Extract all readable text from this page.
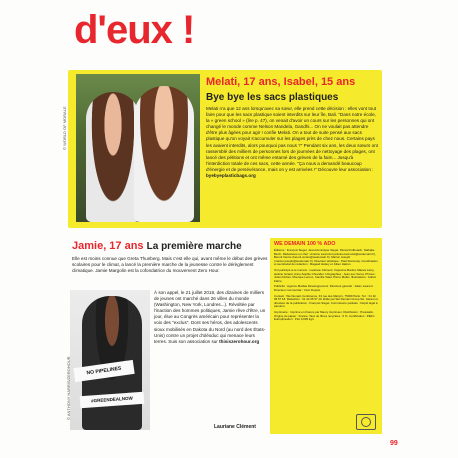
d'eux !
© WORLD OF MORALE
Melati, 17 ans, Isabel, 15 ans
Bye bye les sacs plastiques
Melati n'a que 12 ans lorsqu'avec sa sœur, elle prend cette décision : elles vont tout faire pour que les sacs plastique soient interdits sur leur île, Bali. "Dans notre école, la « green school » (lire p. 47), on venait d'avoir un cours sur les personnes qui ont changé le monde comme Nelson Mandela, Gandhi... On ne voulait pas attendre d'être plus âgées pour agir ! confie Melati. On a tout de suite pensé aux sacs plastique qu'on voyait s'accumuler sur les plages près de chez nous. Certains pays les avaient interdits, alors pourquoi pas nous ?" Pendant six ans, les deux sœurs ont rassemblé des milliers de personnes lors de journées de nettoyage des plages, ont lancé des pétitions et ont même entamé des grèves de la faim... Jusqu'à l'interdiction totale de ces sacs, cette année. "Ça nous a demandé beaucoup d'énergie et de persévérance, mais on y est arrivées !" Découvre leur association : byebyeplasticbags.org
Jamie, 17 ans La première marche
Elle est moins connue que Greta Thunberg. Mais c'est elle qui, avant même le début des grèves scolaires pour le climat, a lancé la première marche de la jeunesse contre le dérèglement climatique. Jamie Margolin est la cofondatrice du mouvement Zero Hour.
NO PIPELINES
#GREENDEALNOW
© ANTHONY HARRIS/ZEROHOUR
À son appel, le 21 juillet 2018, des dizaines de milliers de jeunes ont marché dans 26 villes du monde (Washington, New York, Londres...). Révoltée par l'inaction des hommes politiques, Jamie rêve d'être, un jour, élue au Congrès américain pour représenter la voix des "exclus". Dont ses héros, des adolescents sioux mobilisés en Dakota du Nord (au nord des États-Unis) contre un projet d'oléoduc qui menace leurs terres. Suis son association sur thisiszerohour.org
Lauriane Clément
WE DEMAIN 100 % ADO

Éditions : François Siegel, Jean-Dominique Siegel. Pascal Kuffenach, Nathalie Bezin. Rédacteurs en chef : Antoine Lannuzel (antoine.lannuzel@wedemain.fr), Benoît Ventre (benoit.ventre@wedemain.fr). Marion Joseph (marion.joseph@wedemain.fr). Directeur artistique : Paul Ronceray. Coordination et secrétariat de rédaction : Magaud Hattey et Julien Hatton.

Ont participé à ce numéro : Lauriane Clément, Capucine Bordet, Maëva Lamy, Hélène Giraud, Anne-Sophie Chevalier. Infographies : Jean-Luc Verna. Photos : Julien Dufour, Monique Leroux, Camille Vatel, Pierre Muller. Illustrations : Adrien Fabre.

Publicité : Agence Médias Développement. Directeur général : Julien Laurent. Directeur commercial : Yann Dupuis.

Contact : We Demain Conférence, 43 rue des Martyrs, 75009 Paris. Tél. : 01 42 05 57 18. Rédaction : 01 42 05 57 19. Édité par We Demain Group SA. Gérant et directeur de la publication : François Siegel. Commission paritaire : Dépôt légal à parution.

Imprimerie : Imprimé en France par Maury Imprimeur. Distribution : Presstalis. Origine du papier : France. Taux de fibres recyclées : 0 %. Certification : PEFC. Eutrophisation : Ptot 0,005 kg/t.

99
